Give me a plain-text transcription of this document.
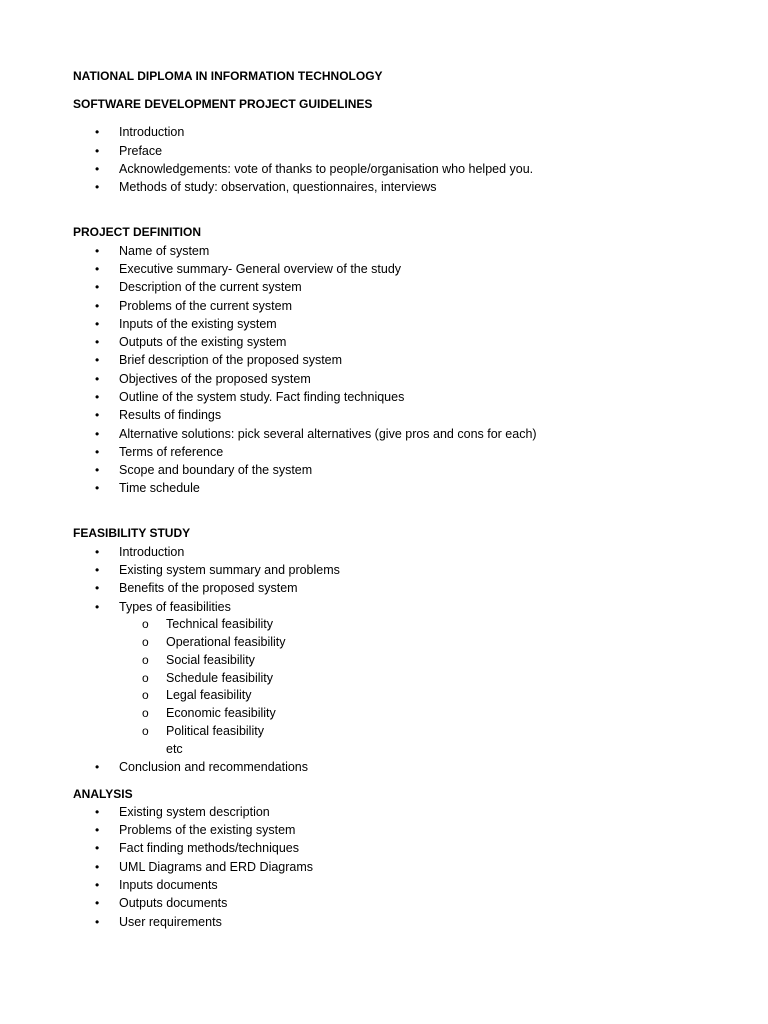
NATIONAL DIPLOMA IN INFORMATION TECHNOLOGY
SOFTWARE DEVELOPMENT PROJECT GUIDELINES
•	Introduction
•	Preface
•	Acknowledgements: vote of thanks to people/organisation who helped you.
•	Methods of study: observation, questionnaires, interviews
PROJECT DEFINITION
•	Name of system
•	Executive summary- General overview of the study
•	Description of the current system
•	Problems of the current system
•	Inputs of the existing system
•	Outputs of the existing system
•	Brief description of the proposed system
•	Objectives of the proposed system
•	Outline of the system study. Fact finding techniques
•	Results of findings
•	Alternative solutions: pick several alternatives (give pros and cons for each)
•	Terms of reference
•	Scope and boundary of the system
•	Time schedule
FEASIBILITY STUDY
•	Introduction
•	Existing system summary and problems
•	Benefits of the proposed system
•	Types of feasibilities
o Technical feasibility
o Operational feasibility
o Social feasibility
o Schedule feasibility
o Legal feasibility
o Economic feasibility
o Political feasibility
etc
•	Conclusion and recommendations
ANALYSIS
•	Existing system description
•	Problems of the existing system
•	Fact finding methods/techniques
•	UML Diagrams and ERD Diagrams
•	Inputs documents
•	Outputs documents
•	User requirements
